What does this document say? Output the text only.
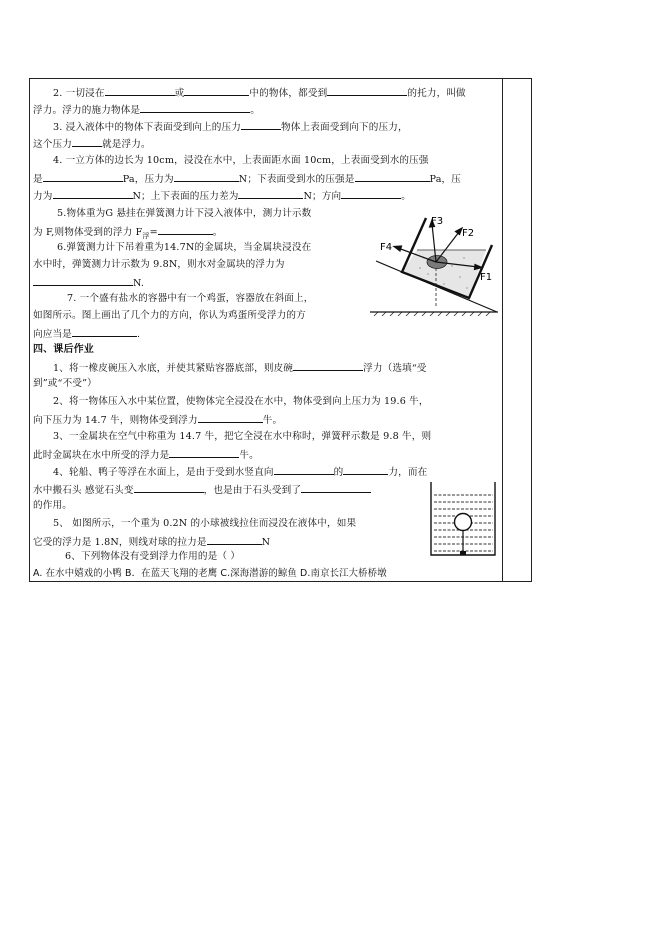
2. 一切浸在	或	中的物体，都受到	的托力，叫做
浮力。浮力的施力物体是	。
3. 浸入液体中的物体下表面受到向上的压力	物体上表面受到向下的压力，
这个压力	就是浮力。
4. 一立方体的边长为 10cm，浸没在水中，上表面距水面 10cm，上表面受到水的压强
是	Pa，压力为	N；下表面受到水的压强是	Pa，压
力为	N；上下表面的压力差为	N；方向	。
5.物体重为G 悬挂在弹簧测力计下浸入液体中，测力计示数
为 F,则物体受到的浮力 $F_浮=$	。
6.弹簧测力计下吊着重为14.7N的金属块，当金属块浸没在
水中时，弹簧测力计示数为 9.8N，则水对金属块的浮力为
N.
7. 一个盛有盐水的容器中有一个鸡蛋，容器放在斜面上，
如图所示。图上画出了几个力的方向，你认为鸡蛋所受浮力的方
向应当是	.
四、课后作业
1、将一橡皮碗压入水底，并使其紧贴容器底部，则皮碗	浮力（选填“受
到”或“不受”）
2、将一物体压入水中某位置，使物体完全浸没在水中，物体受到向上压力为 19.6 牛，
向下压力为 14.7 牛，则物体受到浮力	牛。
3、一金属块在空气中称重为 14.7 牛，把它全浸在水中称时，弹簧秤示数是 9.8 牛，则
此时金属块在水中所受的浮力是	牛。
4、轮船、鸭子等浮在水面上，是由于受到水竖直向	的	力，而在
水中搬石头 感觉石头变	，也是由于石头受到了
的作用。
5、 如图所示，一个重为 0.2N 的小球被线拉住而浸没在液体中，如果
它受的浮力是 1.8N，则线对球的拉力是	N
6、下列物体没有受到浮力作用的是（ ）
A. 在水中嬉戏的小鸭 B．在蓝天飞翔的老鹰 C.深海潜游的鲸鱼 D.南京长江大桥桥墩
F3
F2
F4
F1
